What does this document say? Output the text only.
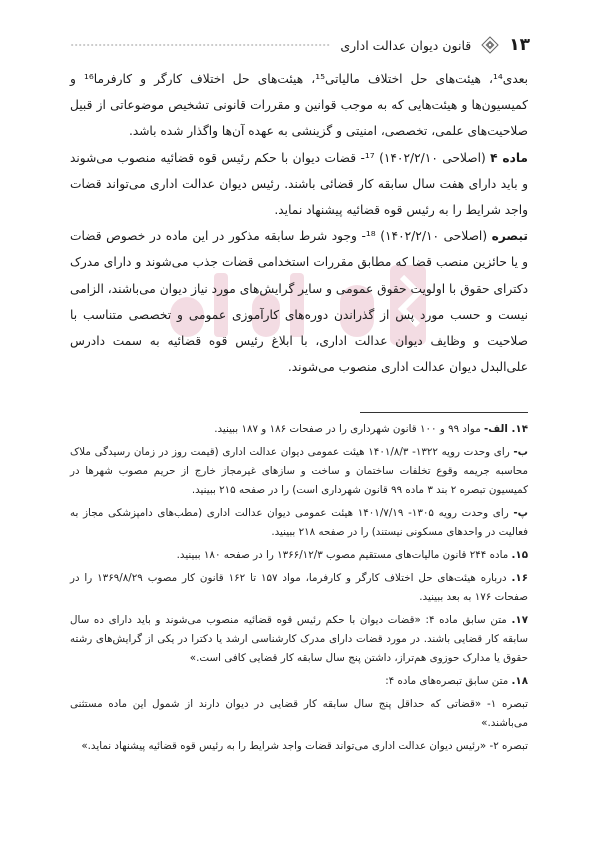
۱۳
قانون دیوان عدالت اداری

بعدی¹⁴، هیئت‌های حل اختلاف مالیاتی¹⁵، هیئت‌های حل اختلاف کارگر و کارفرما¹⁶ و کمیسیون‌ها و هیئت‌هایی که به موجب قوانین و مقررات قانونی تشخیص موضوعاتی از قبیل صلاحیت‌های علمی، تخصصی، امنیتی و گزینشی به عهده آن‌ها واگذار شده باشد.

ماده ۴ (اصلاحی ۱۴۰۲/۲/۱۰) ¹⁷- قضات دیوان با حکم رئیس قوه قضائیه منصوب می‌شوند و باید دارای هفت سال سابقه کار قضائی باشند. رئیس دیوان عدالت اداری می‌تواند قضات واجد شرایط را به رئیس قوه قضائیه پیشنهاد نماید.

تبصره (اصلاحی ۱۴۰۲/۲/۱۰) ¹⁸- وجود شرط سابقه مذکور در این ماده در خصوص قضات و یا حائزین منصب قضا که مطابق مقررات استخدامی قضات جذب می‌شوند و دارای مدرک دکترای حقوق با اولویت حقوق عمومی و سایر گرایش‌های مورد نیاز دیوان می‌باشند، الزامی نیست و حسب مورد پس از گذراندن دوره‌های کارآموزی عمومی و تخصصی متناسب با صلاحیت و وظایف دیوان عدالت اداری، با ابلاغ رئیس قوه قضائیه به سمت دادرس علی‌البدل دیوان عدالت اداری منصوب می‌شوند.

۱۴. الف- مواد ۹۹ و ۱۰۰ قانون شهرداری را در صفحات ۱۸۶ و ۱۸۷ ببینید.

ب- رای وحدت رویه ۱۳۲۲- ۱۴۰۱/۸/۳ هیئت عمومی دیوان عدالت اداری (قیمت روز در زمان رسیدگی ملاک محاسبه جریمه وقوع تخلفات ساختمان و ساخت و سازهای غیرمجاز خارج از حریم مصوب شهرها در کمیسیون تبصره ۲ بند ۳ ماده ۹۹ قانون شهرداری است) را در صفحه ۲۱۵ ببینید.

پ- رای وحدت رویه ۱۳۰۵- ۱۴۰۱/۷/۱۹ هیئت عمومی دیوان عدالت اداری (مطب‌های دامپزشکی مجاز به فعالیت در واحدهای مسکونی نیستند) را در صفحه ۲۱۸ ببینید.

۱۵. ماده ۲۴۴ قانون مالیات‌های مستقیم مصوب ۱۳۶۶/۱۲/۳ را در صفحه ۱۸۰ ببینید.

۱۶. درباره هیئت‌های حل اختلاف کارگر و کارفرما، مواد ۱۵۷ تا ۱۶۲ قانون کار مصوب ۱۳۶۹/۸/۲۹ را در صفحات ۱۷۶ به بعد ببینید.

۱۷. متن سابق ماده ۴: «قضات دیوان با حکم رئیس قوه قضائیه منصوب می‌شوند و باید دارای ده سال سابقه کار قضایی باشند. در مورد قضات دارای مدرک کارشناسی ارشد یا دکترا در یکی از گرایش‌های رشته حقوق یا مدارک حوزوی هم‌تراز، داشتن پنج سال سابقه کار قضایی کافی است.»

۱۸. متن سابق تبصره‌های ماده ۴:

تبصره ۱- «قضاتی که حداقل پنج سال سابقه کار قضایی در دیوان دارند از شمول این ماده مستثنی می‌باشند.»

تبصره ۲- «رئیس دیوان عدالت اداری می‌تواند قضات واجد شرایط را به رئیس قوه قضائیه پیشنهاد نماید.»
